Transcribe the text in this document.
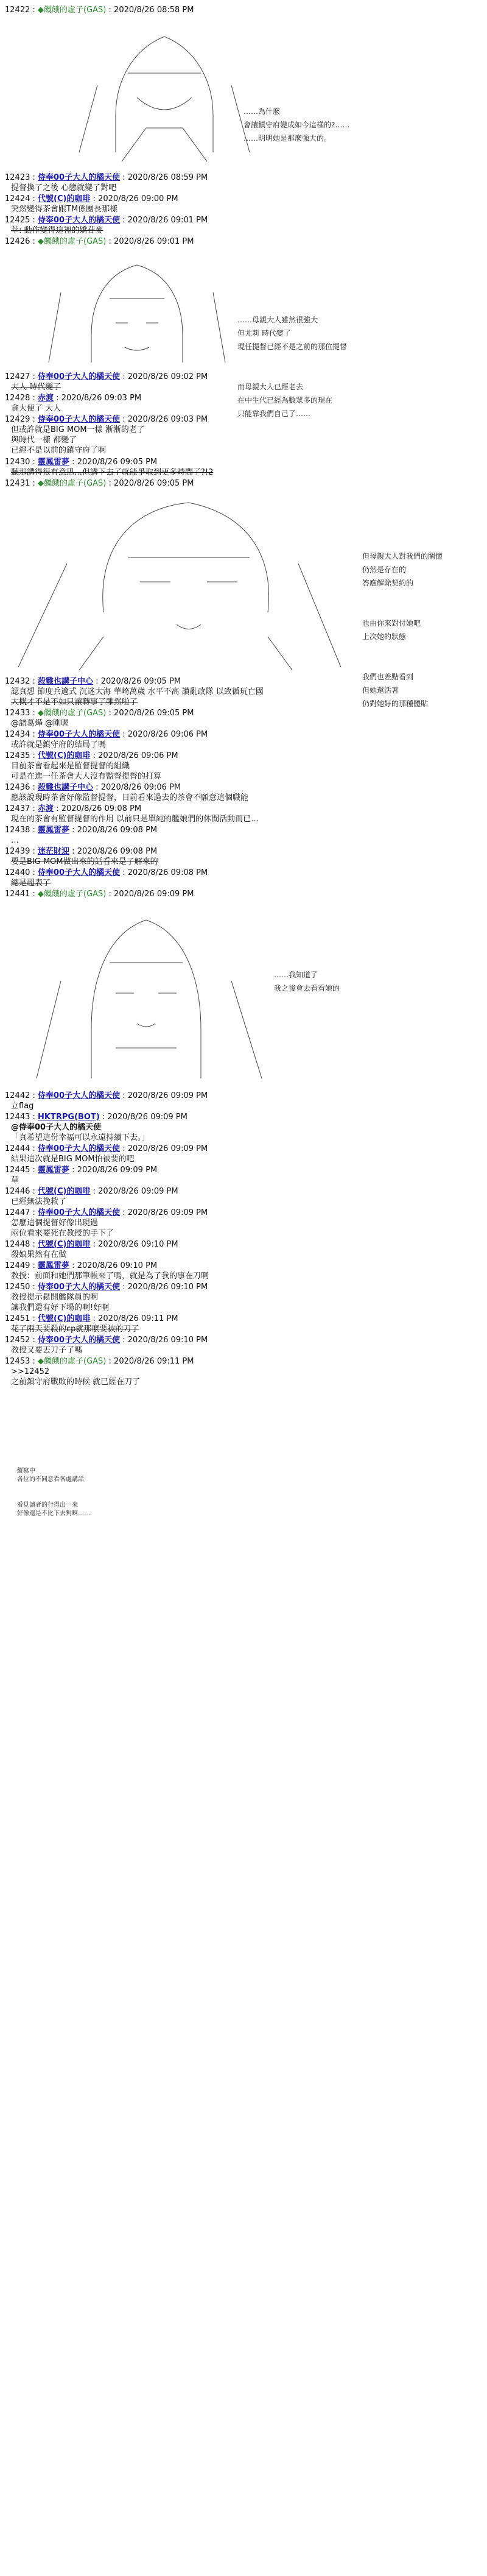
12422 : ◆饑餓的虛子(GAS) : 2020/8/26 08:58 PM

……為什麼
會讓鎮守府變成如今這樣的?……
……明明她是那麼強大的。

12423 : 侍奉00子大人的橘天使 : 2020/8/26 08:59 PM
提督換了之後 心態就變了對吧
12424 : 代號(C)的咖啡 : 2020/8/26 09:00 PM
突然變得茶會跟TM係團長那樣
12425 : 侍奉00子大人的橘天使 : 2020/8/26 09:01 PM
萃: 動作變得這裡的嬌苷麥
12426 : ◆饑餓的虛子(GAS) : 2020/8/26 09:01 PM

……母親大人雖然很強大
但尤莉 時代變了
現任提督已經不是之前的那位提督

而母親大人已經老去
在中生代已經為數眾多的現在
只能靠我們自己了……

12427 : 侍奉00子大人的橘天使 : 2020/8/26 09:02 PM
夫人 時代變了
12428 : 赤渡 : 2020/8/26 09:03 PM
貪大便了 大人
12429 : 侍奉00子大人的橘天使 : 2020/8/26 09:03 PM
但或許就是BIG MOM一樣 漸漸的老了
與時代一樣 都變了
已經不是以前的鎮守府了啊
12430 : 靈鳳雷夢 : 2020/8/26 09:05 PM
聽那講得很有意思…但講下去了就能爭取到更多時間了?!2
12431 : ◆饑餓的虛子(GAS) : 2020/8/26 09:05 PM

但母親大人對我們的關懷
仍然是存在的
答應解除契約的

也由你來對付她吧
上次她的狀態

我們也差點看到
但她還活著
仍對她好的那種體貼

12432 : 殺雞也講子中心 : 2020/8/26 09:05 PM
認真想 節度兵適式 沉迷大海 華崎萬歲 水平不高 讚亂政隊 以致循玩亡國
大概才不是不如只讓轉事了雖然啦了
12433 : ◆饑餓的虛子(GAS) : 2020/8/26 09:05 PM
@諸葛燁 @剛喔
12434 : 侍奉00子大人的橘天使 : 2020/8/26 09:06 PM
或許就是鎮守府的結局了嗎
12435 : 代號(C)的咖啡 : 2020/8/26 09:06 PM
目前茶會看起來是監督提督的組織
可是在進一任茶會大人沒有監督提督的打算
12436 : 殺雞也講子中心 : 2020/8/26 09:06 PM
應該說現時茶會好像監督提督，目前看來過去的茶會不願意這個職能
12437 : 赤渡 : 2020/8/26 09:08 PM
現在的茶會有監督提督的作用 以前只是單純的艦娘們的休閒活動而已…
12438 : 靈鳳雷夢 : 2020/8/26 09:08 PM
…
12439 : 迷茫財迎 : 2020/8/26 09:08 PM
要是BIG MOM做出來的話看來是了解來的
12440 : 侍奉00子大人的橘天使 : 2020/8/26 09:08 PM
總是超表了
12441 : ◆饑餓的虛子(GAS) : 2020/8/26 09:09 PM

……我知道了
我之後會去看看她的

12442 : 侍奉00子大人的橘天使 : 2020/8/26 09:09 PM
立flag
12443 : HKTRPG(BOT) : 2020/8/26 09:09 PM
@侍奉00子大人的橘天使
「真希望這份幸福可以永遠持續下去。」
12444 : 侍奉00子大人的橘天使 : 2020/8/26 09:09 PM
結果這次就是BIG MOM怕被要的吧
12445 : 靈鳳雷夢 : 2020/8/26 09:09 PM
草
12446 : 代號(C)的咖啡 : 2020/8/26 09:09 PM
已經無法挽救了
12447 : 侍奉00子大人的橘天使 : 2020/8/26 09:09 PM
怎麼這個提督好像出現過
兩位看來要死在教授的手下了
12448 : 代號(C)的咖啡 : 2020/8/26 09:10 PM
殺娘果然有在做
12449 : 靈鳳雷夢 : 2020/8/26 09:10 PM
教授：前面和她們那筆帳來了嗎，就是為了我的事在刀啊
12450 : 侍奉00子大人的橘天使 : 2020/8/26 09:10 PM
教授提示鬆開艦隊員的啊
讓我們還有好下場的啊!好啊
12451 : 代號(C)的咖啡 : 2020/8/26 09:11 PM
花了兩天要殺的cp就那麼要被的刀了
12452 : 侍奉00子大人的橘天使 : 2020/8/26 09:10 PM
教授又要丟刀子了嗎
12453 : ◆饑餓的虛子(GAS) : 2020/8/26 09:11 PM
>>12452
之前鎮守府戰敗的時候 就已經在刀了

縱寫中
各位的不同意看各處講話

看見讀者的行得出一來
好像還是不比下去對啊……
